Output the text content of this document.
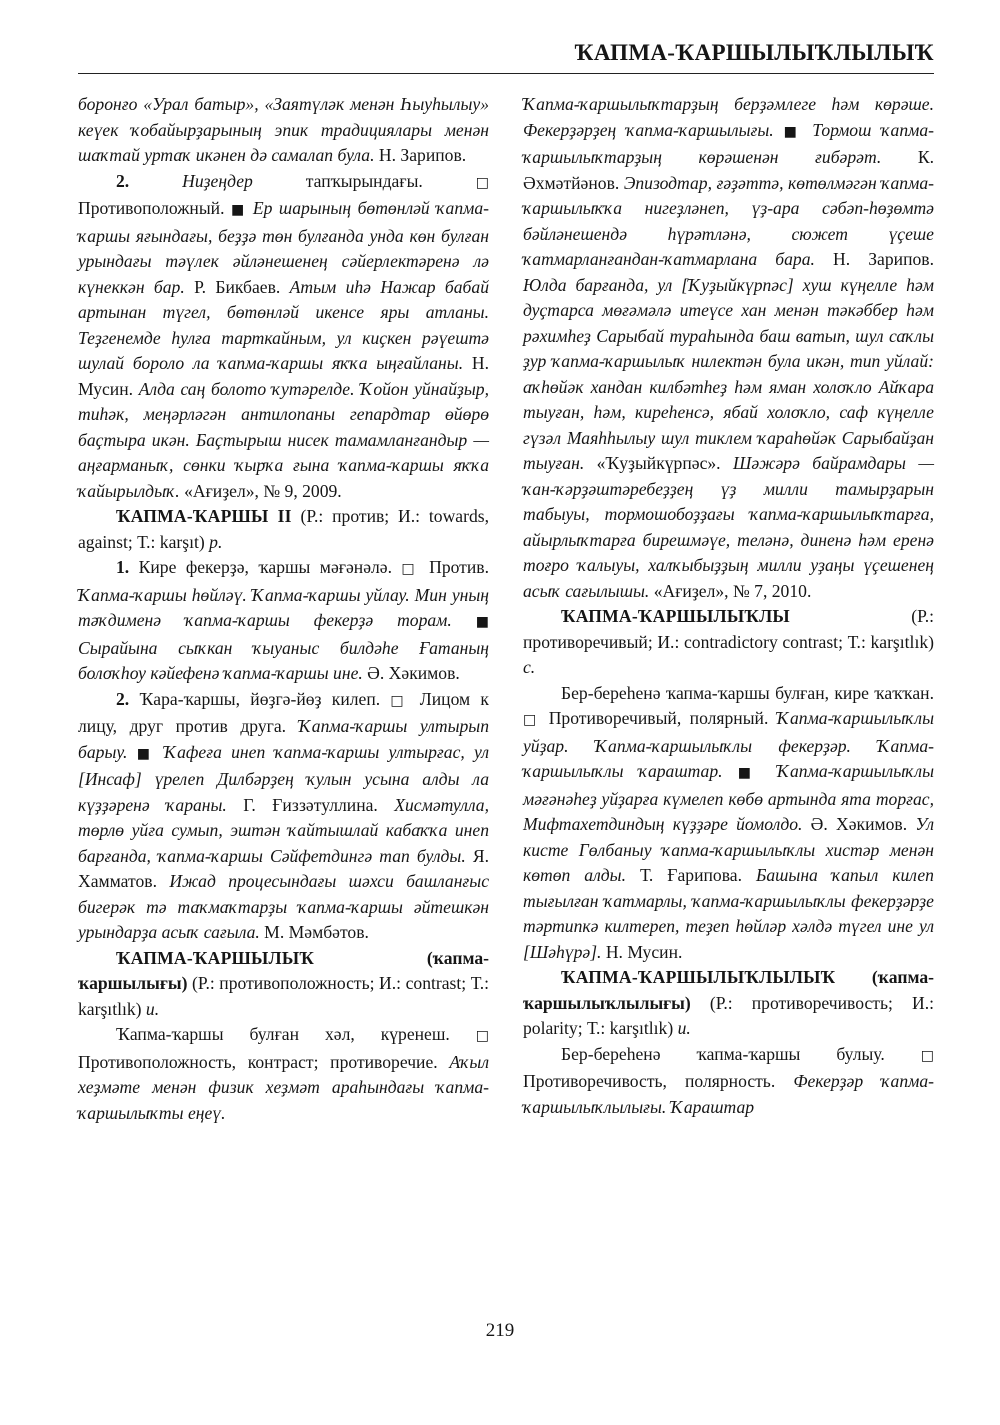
ҠАПМА-ҠАРШЫЛЫҠЛЫЛЫҠ

боронғо «Урал батыр», «Заятүләк менән Һыуһылыу» кеүек ҡобайырҙарының эпик традициялары менән шаҡтай уртаҡ икәнен дә самалап була. Н. Зарипов.

2.	Ниҙеңдер тапҡырындағы. □ Противоположный. ■ Ер шарының бөтөнләй ҡапма-ҡаршы яғындағы, беҙҙә төн булғанда унда көн булған урындағы тәүлек әйләнешенең сәйерлектәренә лә күнеккән бар. Р. Бикбаев. Атым иһә Нажар бабай артынан түгел, бөтөнләй икенсе яры атланы. Теҙгенемде һулға тарткайным, ул киҫкен рәүештә шулай бороло ла ҡапма-ҡаршы яҡҡа ыңғайланы. Н. Мусин. Алда саң болото ҡутәрелде. Ҡойон уйнайҙыр, тиһәк, меңәрләгән антилопаны гепардтар өйөрө баҫтыра икән. Баҫтырыш нисек тамамланғандыр — аңғарманыҡ, сөнки ҡырҡа ғына ҡапма-ҡаршы яҡҡа ҡайырылдыҡ. «Ағиҙел», № 9, 2009.

ҠАПМА-ҠАРШЫ II (Р.: против; И.: towards, against; Т.: karşıt) р.

1. Кире фекерҙә, ҡаршы мәғәнәлә. □ Против. Ҡапма-ҡаршы һөйләү. Ҡапма-ҡаршы уйлау. Мин уның тәҡдименә ҡапма-ҡаршы фекерҙә торам. ■ Сырайына сыҡкан ҡыуаныс билдәһе Ғатаның болоҡһоу кәйефенә ҡапма-ҡаршы ине. Ә. Хәкимов.

2. Ҡара-ҡаршы, йөҙгә-йөҙ килеп. □ Лицом к лицу, друг против друга. Ҡапма-ҡаршы ултырып барыу. ■ Ҡафеға инеп ҡапма-ҡаршы ултырғас, ул [Инсаф] үрелеп Дилбәрҙең ҡулын усына алды ла күҙҙәренә ҡараны. Г. Ғиззәтуллина. Хисмәтулла, төрлө уйға сумып, эштән ҡайтышлай кабаҡҡа инеп барғанда, ҡапма-ҡаршы Сәйфетдингә тап булды. Я. Хамматов. Ижад процесындағы шәхси башланғыс бигерәк тә таҡмаҡтарҙы ҡапма-ҡаршы әйтешкән урындарҙа асыҡ сағыла. М. Мәмбәтов.

ҠАПМА-ҠАРШЫЛЫҠ (ҡапма-ҡаршылығы) (Р.: противоположность; И.: contrast; Т.: karşıtlık) и.

Ҡапма-ҡаршы булған хәл, күренеш. □ Противоположность, контраст; противоречие. Аҡыл хеҙмәте менән физик хеҙмәт араһындағы ҡапма-ҡаршылыҡты еңеү.

Ҡапма-ҡаршылыҡтарҙың берҙәмлеге һәм көрәше. Фекерҙәрҙең ҡапма-ҡаршылығы. ■ Тормош ҡапма-ҡаршылыҡтарҙың көрәшенән ғибәрәт. К. Әхмәтйәнов. Эпизодтар, ғәҙәттә, көтөлмәгән ҡапма-ҡаршылыҡҡа нигеҙләнеп, үҙ-ара сәбәп-һөҙөмтә бәйләнешендә һүрәтләнә, сюжет үҫеше ҡатмарланғандан-ҡатмарлана бара. Н. Зарипов. Юлда барғанда, ул [Ҡуҙыйкүрпәс] хуш күңелле һәм дуҫтарса мөғәмәлә итеүсе хан менән тәкәббер һәм рәхимһеҙ Сарыбай тураһында баш ватып, шул саҡлы ҙур ҡапма-ҡаршылыҡ нилектән була икән, тип уйлай: аҡһөйәк хандан килбәтһеҙ һәм яман холоҡло Айҡара тыуған, һәм, киреһенсә, ябай холоҡло, саф күңелле гүзәл Маяһһылыу шул тиклем ҡараһөйәк Сарыбайҙан тыуған. «Ҡуҙыйкүрпәс». Шәжәрә байрамдары — ҡан-ҡәрҙәштәребеҙҙең үҙ милли тамырҙарын табыуы, тормошобоҙҙағы ҡапма-ҡаршылыҡтарға, айырлыҡтарға бирешмәүе, теләнә, диненә һәм еренә тоғро ҡалыуы, халҡыбыҙҙың милли уҙаңы үҫешенең асыҡ сағылышы. «Ағиҙел», № 7, 2010.

ҠАПМА-ҠАРШЫЛЫҠЛЫ (Р.: противоречивый; И.: contradictory contrast; Т.: karşıtlık) с.

Бер-береһенә ҡапма-ҡаршы булған, кире ҡаҡҡан. □ Противоречивый, полярный. Ҡапма-ҡаршылыҡлы уйҙар. Ҡапма-ҡаршылыҡлы фекерҙәр. Ҡапма-ҡаршылыҡлы ҡараштар. ■ Ҡапма-ҡаршылыҡлы мәғәнәһеҙ уйҙарға күмелеп көбө артында ята торғас, Мифтахетдиндың күҙҙәре йомолдо. Ә. Хәкимов. Ул кисте Гөлбаныу ҡапма-ҡаршылыҡлы хистәр менән көтөп алды. Т. Ғарипова. Башына ҡапыл килеп тығылған ҡатмарлы, ҡапма-ҡаршылыҡлы фекерҙәрҙе тәртипкә килтереп, теҙеп һөйләр хәлдә түгел ине ул [Шәһүрә]. Н. Мусин.

ҠАПМА-ҠАРШЫЛЫҠЛЫЛЫҠ (ҡапма-ҡаршылыҡлылығы) (Р.: противоречивость; И.: polarity; Т.: karşıtlık) и.

Бер-береһенә ҡапма-ҡаршы булыу. □ Противоречивость, полярность. Фекерҙәр ҡапма-ҡаршылыҡлылығы. Ҡараштар

219
